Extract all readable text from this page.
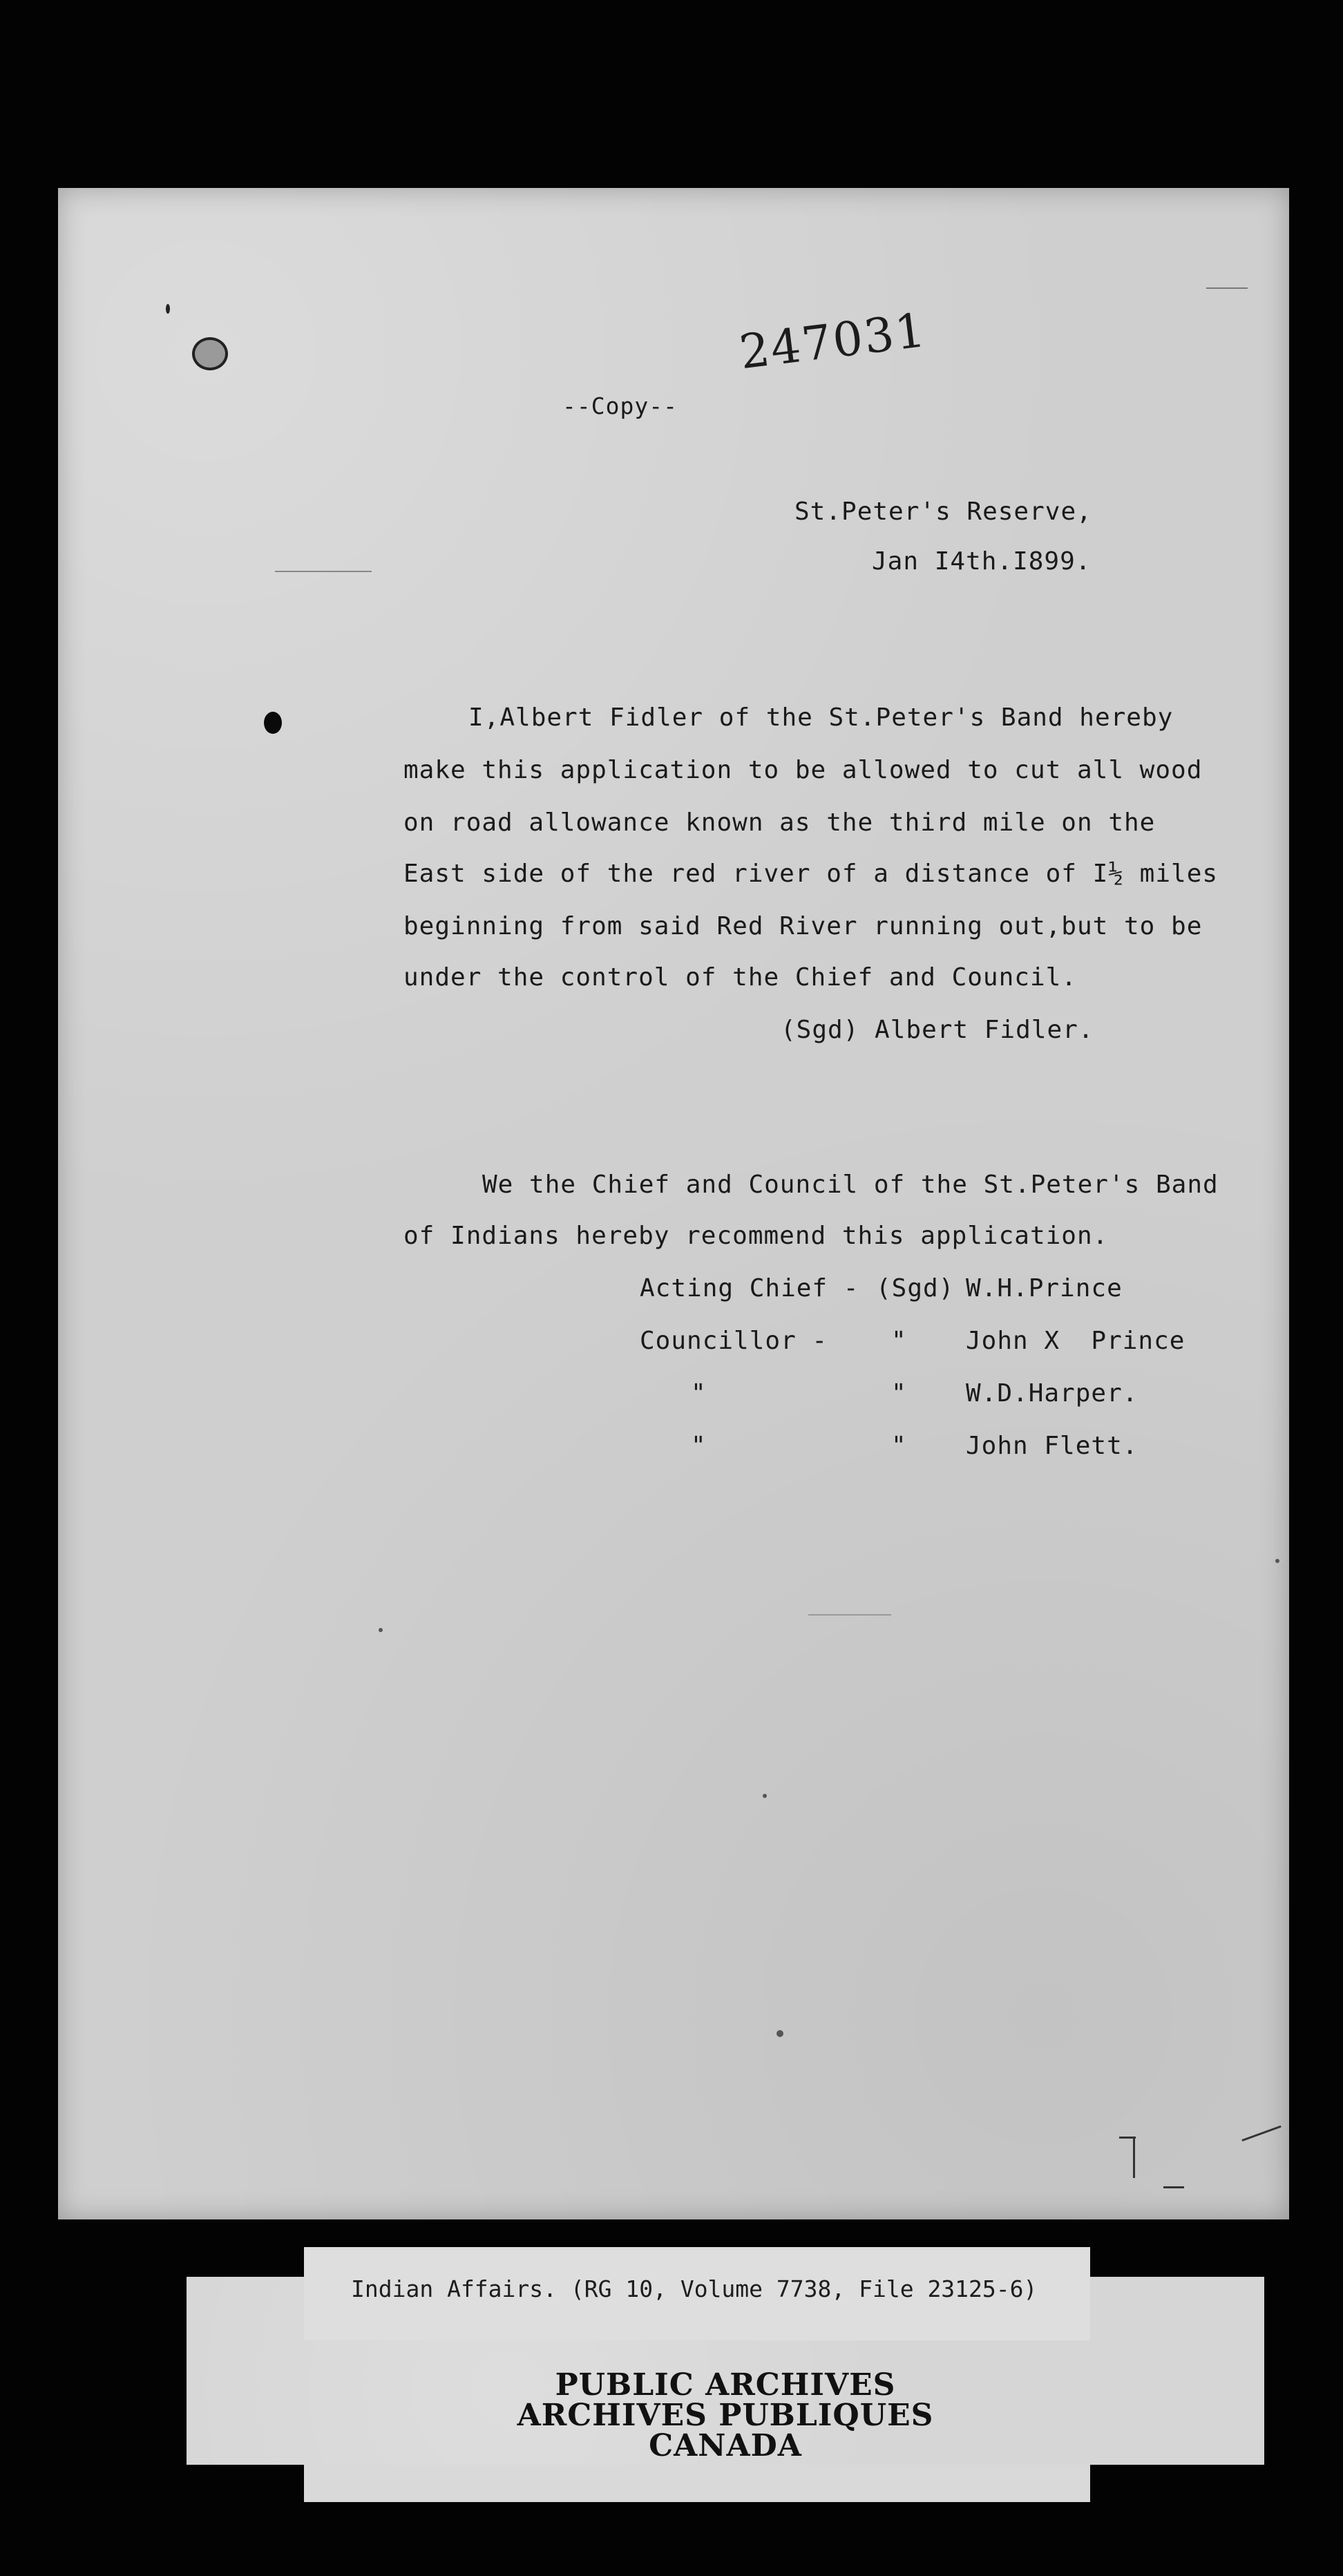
247031
--Copy--
St.Peter's Reserve,
Jan I4th.I899.
I,Albert Fidler of the St.Peter's Band hereby
make this application to be allowed to cut all wood
on road allowance known as the third mile on the
East side of the red river of a distance of I½ miles
beginning from said Red River running out,but to be
under the control of the Chief and Council.
(Sgd) Albert Fidler.
We the Chief and Council of the St.Peter's Band
of Indians hereby recommend this application.
Acting Chief - (Sgd) W.H.Prince
Councillor -	" John X  Prince
"	" W.D.Harper.
"	" John Flett.
Indian Affairs. (RG 10, Volume 7738, File 23125-6)
PUBLIC ARCHIVES
ARCHIVES PUBLIQUES
CANADA
